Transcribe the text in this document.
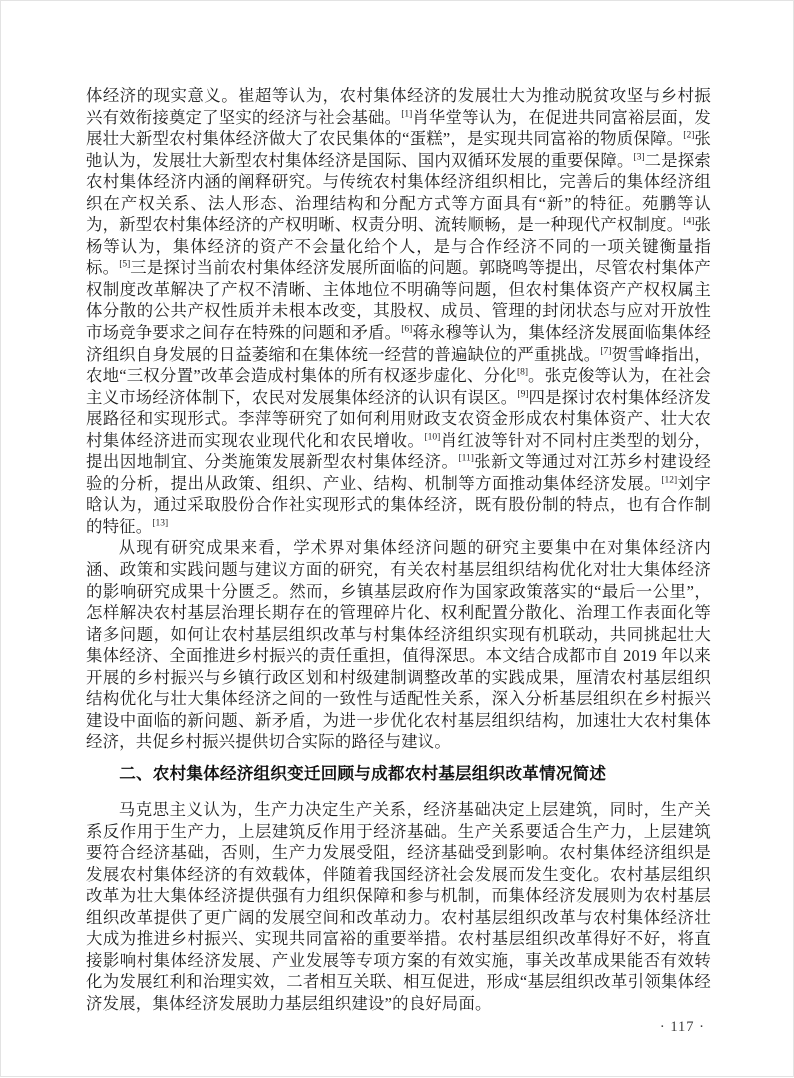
体经济的现实意义。崔超等认为，农村集体经济的发展壮大为推动脱贫攻坚与乡村振兴有效衔接奠定了坚实的经济与社会基础。[1]肖华堂等认为，在促进共同富裕层面，发展壮大新型农村集体经济做大了农民集体的“蛋糕”，是实现共同富裕的物质保障。[2]张弛认为，发展壮大新型农村集体经济是国际、国内双循环发展的重要保障。[3]二是探索农村集体经济内涵的阐释研究。与传统农村集体经济组织相比，完善后的集体经济组织在产权关系、法人形态、治理结构和分配方式等方面具有“新”的特征。苑鹏等认为，新型农村集体经济的产权明晰、权责分明、流转顺畅，是一种现代产权制度。[4]张杨等认为，集体经济的资产不会量化给个人，是与合作经济不同的一项关键衡量指标。[5]三是探讨当前农村集体经济发展所面临的问题。郭晓鸣等提出，尽管农村集体产权制度改革解决了产权不清晰、主体地位不明确等问题，但农村集体资产产权权属主体分散的公共产权性质并未根本改变，其股权、成员、管理的封闭状态与应对开放性市场竞争要求之间存在特殊的问题和矛盾。[6]蒋永穆等认为，集体经济发展面临集体经济组织自身发展的日益萎缩和在集体统一经营的普遍缺位的严重挑战。[7]贺雪峰指出，农地“三权分置”改革会造成村集体的所有权逐步虚化、分化[8]。张克俊等认为，在社会主义市场经济体制下，农民对发展集体经济的认识有误区。[9]四是探讨农村集体经济发展路径和实现形式。李萍等研究了如何利用财政支农资金形成农村集体资产、壮大农村集体经济进而实现农业现代化和农民增收。[10]肖红波等针对不同村庄类型的划分，提出因地制宜、分类施策发展新型农村集体经济。[11]张新文等通过对江苏乡村建设经验的分析，提出从政策、组织、产业、结构、机制等方面推动集体经济发展。[12]刘宇晗认为，通过采取股份合作社实现形式的集体经济，既有股份制的特点，也有合作制的特征。[13]

从现有研究成果来看，学术界对集体经济问题的研究主要集中在对集体经济内涵、政策和实践问题与建议方面的研究，有关农村基层组织结构优化对壮大集体经济的影响研究成果十分匮乏。然而，乡镇基层政府作为国家政策落实的“最后一公里”，怎样解决农村基层治理长期存在的管理碎片化、权利配置分散化、治理工作表面化等诸多问题，如何让农村基层组织改革与村集体经济组织实现有机联动，共同挑起壮大集体经济、全面推进乡村振兴的责任重担，值得深思。本文结合成都市自 2019 年以来开展的乡村振兴与乡镇行政区划和村级建制调整改革的实践成果，厘清农村基层组织结构优化与壮大集体经济之间的一致性与适配性关系，深入分析基层组织在乡村振兴建设中面临的新问题、新矛盾，为进一步优化农村基层组织结构，加速壮大农村集体经济，共促乡村振兴提供切合实际的路径与建议。

二、农村集体经济组织变迁回顾与成都农村基层组织改革情况简述

马克思主义认为，生产力决定生产关系，经济基础决定上层建筑，同时，生产关系反作用于生产力，上层建筑反作用于经济基础。生产关系要适合生产力，上层建筑要符合经济基础，否则，生产力发展受阻，经济基础受到影响。农村集体经济组织是发展农村集体经济的有效载体，伴随着我国经济社会发展而发生变化。农村基层组织改革为壮大集体经济提供强有力组织保障和参与机制，而集体经济发展则为农村基层组织改革提供了更广阔的发展空间和改革动力。农村基层组织改革与农村集体经济壮大成为推进乡村振兴、实现共同富裕的重要举措。农村基层组织改革得好不好，将直接影响村集体经济发展、产业发展等专项方案的有效实施，事关改革成果能否有效转化为发展红利和治理实效，二者相互关联、相互促进，形成“基层组织改革引领集体经济发展，集体经济发展助力基层组织建设”的良好局面。

· 117 ·
